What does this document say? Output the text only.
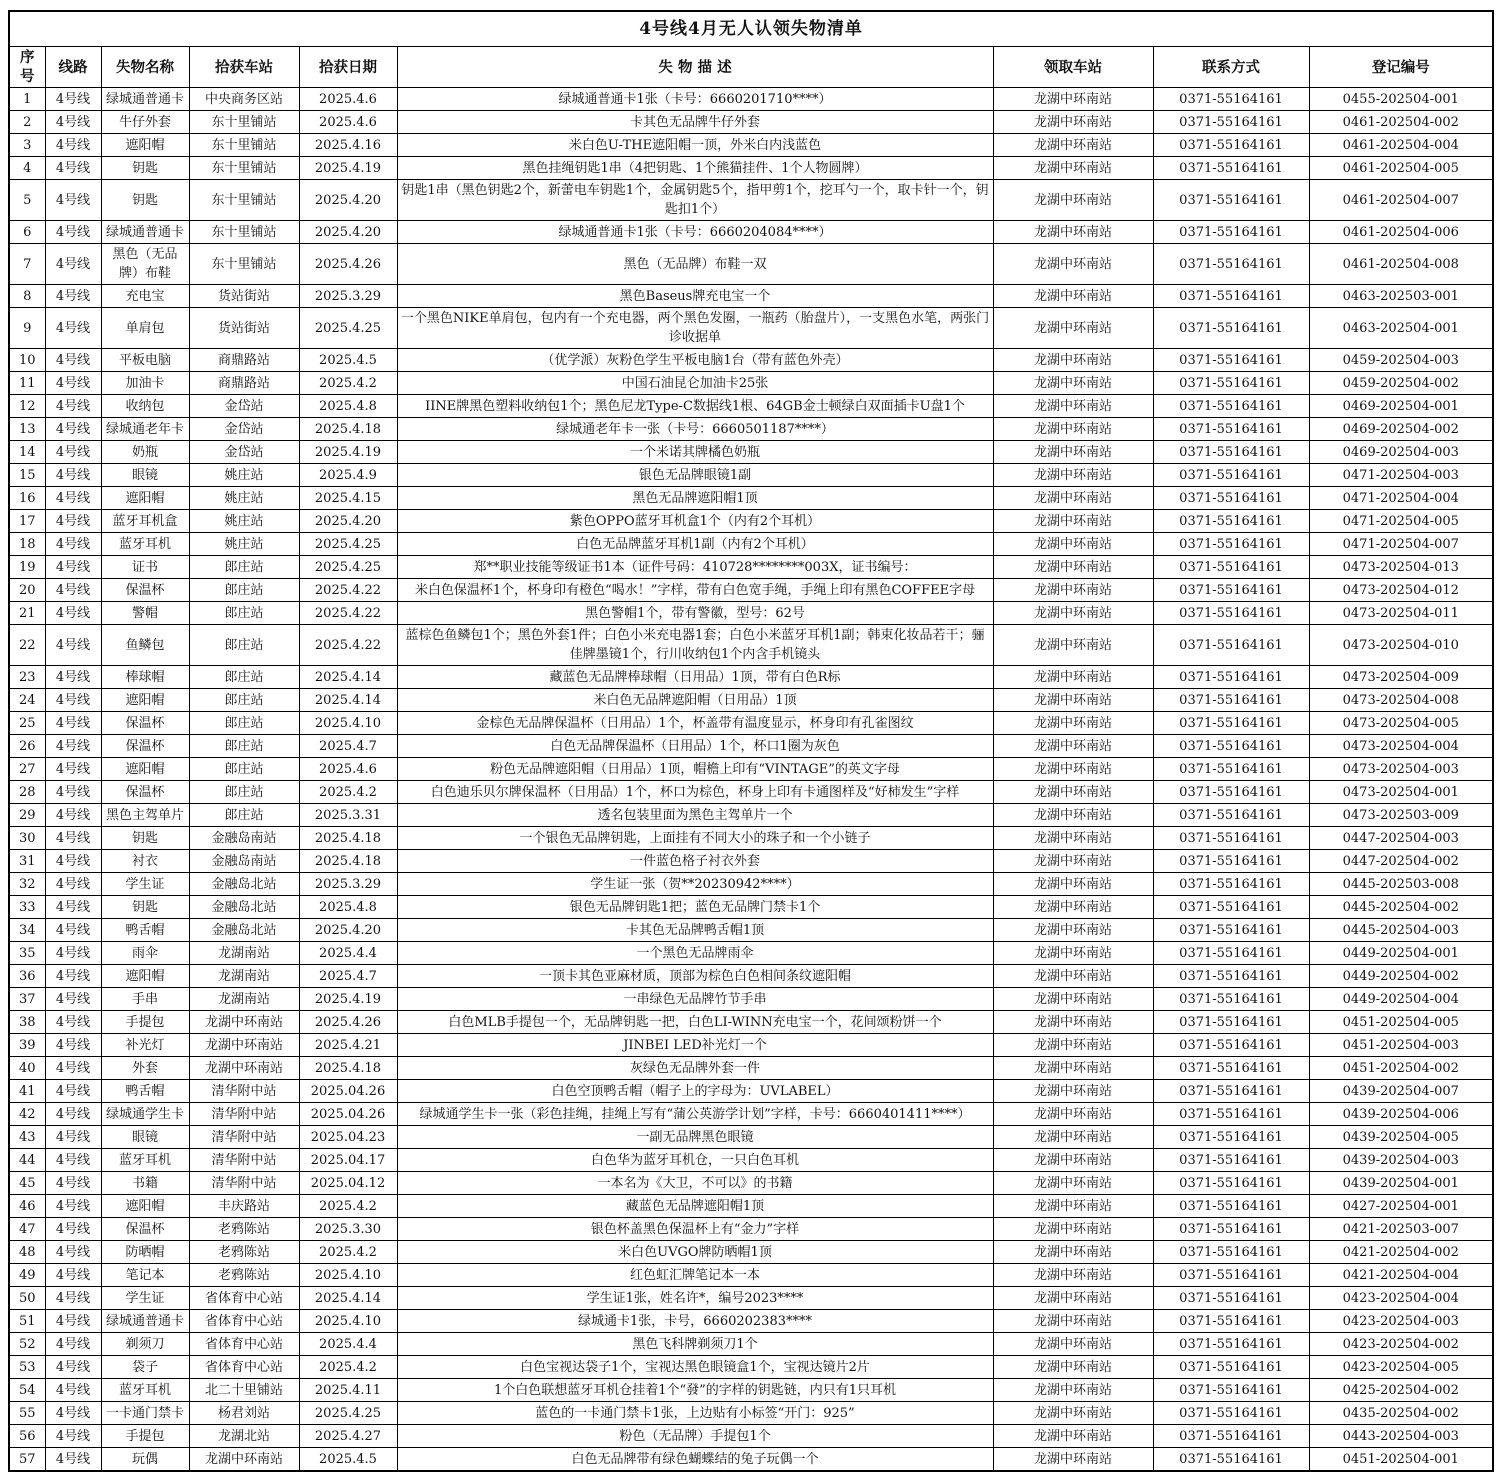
4号线4月无人认领失物清单								
序号	线路	失物名称	拾获车站	拾获日期	失 物 描 述	领取车站	联系方式	登记编号
1	4号线	绿城通普通卡	中央商务区站	2025.4.6	绿城通普通卡1张（卡号：6660201710****）	龙湖中环南站	0371-55164161	0455-202504-001
2	4号线	牛仔外套	东十里铺站	2025.4.6	卡其色无品牌牛仔外套	龙湖中环南站	0371-55164161	0461-202504-002
3	4号线	遮阳帽	东十里铺站	2025.4.16	米白色U-THE遮阳帽一顶，外米白内浅蓝色	龙湖中环南站	0371-55164161	0461-202504-004
4	4号线	钥匙	东十里铺站	2025.4.19	黑色挂绳钥匙1串（4把钥匙、1个熊猫挂件、1个人物圆牌）	龙湖中环南站	0371-55164161	0461-202504-005
5	4号线	钥匙	东十里铺站	2025.4.20	钥匙1串（黑色钥匙2个，新蕾电车钥匙1个，金属钥匙5个，指甲剪1个，挖耳勺一个，取卡针一个，钥匙扣1个）	龙湖中环南站	0371-55164161	0461-202504-007
6	4号线	绿城通普通卡	东十里铺站	2025.4.20	绿城通普通卡1张（卡号：6660204084****）	龙湖中环南站	0371-55164161	0461-202504-006
7	4号线	黑色（无品牌）布鞋	东十里铺站	2025.4.26	黑色（无品牌）布鞋一双	龙湖中环南站	0371-55164161	0461-202504-008
8	4号线	充电宝	货站街站	2025.3.29	黑色Baseus牌充电宝一个	龙湖中环南站	0371-55164161	0463-202503-001
9	4号线	单肩包	货站街站	2025.4.25	一个黑色NIKE单肩包，包内有一个充电器，两个黑色发圈，一瓶药（胎盘片），一支黑色水笔，两张门诊收据单	龙湖中环南站	0371-55164161	0463-202504-001
10	4号线	平板电脑	商鼎路站	2025.4.5	（优学派）灰粉色学生平板电脑1台（带有蓝色外壳）	龙湖中环南站	0371-55164161	0459-202504-003
11	4号线	加油卡	商鼎路站	2025.4.2	中国石油昆仑加油卡25张	龙湖中环南站	0371-55164161	0459-202504-002
12	4号线	收纳包	金岱站	2025.4.8	IINE牌黑色塑料收纳包1个；黑色尼龙Type-C数据线1根、64GB金士顿绿白双面插卡U盘1个	龙湖中环南站	0371-55164161	0469-202504-001
13	4号线	绿城通老年卡	金岱站	2025.4.18	绿城通老年卡一张（卡号：6660501187****）	龙湖中环南站	0371-55164161	0469-202504-002
14	4号线	奶瓶	金岱站	2025.4.19	一个米诺其牌橘色奶瓶	龙湖中环南站	0371-55164161	0469-202504-003
15	4号线	眼镜	姚庄站	2025.4.9	银色无品牌眼镜1副	龙湖中环南站	0371-55164161	0471-202504-003
16	4号线	遮阳帽	姚庄站	2025.4.15	黑色无品牌遮阳帽1顶	龙湖中环南站	0371-55164161	0471-202504-004
17	4号线	蓝牙耳机盒	姚庄站	2025.4.20	紫色OPPO蓝牙耳机盒1个（内有2个耳机）	龙湖中环南站	0371-55164161	0471-202504-005
18	4号线	蓝牙耳机	姚庄站	2025.4.25	白色无品牌蓝牙耳机1副（内有2个耳机）	龙湖中环南站	0371-55164161	0471-202504-007
19	4号线	证书	郎庄站	2025.4.25	郑**职业技能等级证书1本（证件号码：410728********003X，证书编号：	龙湖中环南站	0371-55164161	0473-202504-013
20	4号线	保温杯	郎庄站	2025.4.22	米白色保温杯1个，杯身印有橙色“喝水！”字样，带有白色宽手绳，手绳上印有黑色COFFEE字母	龙湖中环南站	0371-55164161	0473-202504-012
21	4号线	警帽	郎庄站	2025.4.22	黑色警帽1个，带有警徽，型号：62号	龙湖中环南站	0371-55164161	0473-202504-011
22	4号线	鱼鳞包	郎庄站	2025.4.22	蓝棕色鱼鳞包1个；黑色外套1件；白色小米充电器1套；白色小米蓝牙耳机1副；韩束化妆品若干；骊佳牌墨镜1个，行川收纳包1个内含手机镜头	龙湖中环南站	0371-55164161	0473-202504-010
23	4号线	棒球帽	郎庄站	2025.4.14	藏蓝色无品牌棒球帽（日用品）1顶，带有白色R标	龙湖中环南站	0371-55164161	0473-202504-009
24	4号线	遮阳帽	郎庄站	2025.4.14	米白色无品牌遮阳帽（日用品）1顶	龙湖中环南站	0371-55164161	0473-202504-008
25	4号线	保温杯	郎庄站	2025.4.10	金棕色无品牌保温杯（日用品）1个，杯盖带有温度显示，杯身印有孔雀图纹	龙湖中环南站	0371-55164161	0473-202504-005
26	4号线	保温杯	郎庄站	2025.4.7	白色无品牌保温杯（日用品）1个，杯口1圈为灰色	龙湖中环南站	0371-55164161	0473-202504-004
27	4号线	遮阳帽	郎庄站	2025.4.6	粉色无品牌遮阳帽（日用品）1顶，帽檐上印有“VINTAGE”的英文字母	龙湖中环南站	0371-55164161	0473-202504-003
28	4号线	保温杯	郎庄站	2025.4.2	白色迪乐贝尔牌保温杯（日用品）1个，杯口为棕色，杯身上印有卡通图样及“好柿发生”字样	龙湖中环南站	0371-55164161	0473-202504-001
29	4号线	黑色主驾单片	郎庄站	2025.3.31	透名包装里面为黑色主驾单片一个	龙湖中环南站	0371-55164161	0473-202503-009
30	4号线	钥匙	金融岛南站	2025.4.18	一个银色无品牌钥匙，上面挂有不同大小的珠子和一个小链子	龙湖中环南站	0371-55164161	0447-202504-003
31	4号线	衬衣	金融岛南站	2025.4.18	一件蓝色格子衬衣外套	龙湖中环南站	0371-55164161	0447-202504-002
32	4号线	学生证	金融岛北站	2025.3.29	学生证一张（贺**20230942****）	龙湖中环南站	0371-55164161	0445-202503-008
33	4号线	钥匙	金融岛北站	2025.4.8	银色无品牌钥匙1把；蓝色无品牌门禁卡1个	龙湖中环南站	0371-55164161	0445-202504-002
34	4号线	鸭舌帽	金融岛北站	2025.4.20	卡其色无品牌鸭舌帽1顶	龙湖中环南站	0371-55164161	0445-202504-003
35	4号线	雨伞	龙湖南站	2025.4.4	一个黑色无品牌雨伞	龙湖中环南站	0371-55164161	0449-202504-001
36	4号线	遮阳帽	龙湖南站	2025.4.7	一顶卡其色亚麻材质，顶部为棕色白色相间条纹遮阳帽	龙湖中环南站	0371-55164161	0449-202504-002
37	4号线	手串	龙湖南站	2025.4.19	一串绿色无品牌竹节手串	龙湖中环南站	0371-55164161	0449-202504-004
38	4号线	手提包	龙湖中环南站	2025.4.26	白色MLB手提包一个，无品牌钥匙一把，白色LI-WINN充电宝一个，花间颂粉饼一个	龙湖中环南站	0371-55164161	0451-202504-005
39	4号线	补光灯	龙湖中环南站	2025.4.21	JINBEI LED补光灯一个	龙湖中环南站	0371-55164161	0451-202504-003
40	4号线	外套	龙湖中环南站	2025.4.18	灰绿色无品牌外套一件	龙湖中环南站	0371-55164161	0451-202504-002
41	4号线	鸭舌帽	清华附中站	2025.04.26	白色空顶鸭舌帽（帽子上的字母为：UVLABEL）	龙湖中环南站	0371-55164161	0439-202504-007
42	4号线	绿城通学生卡	清华附中站	2025.04.26	绿城通学生卡一张（彩色挂绳，挂绳上写有“蒲公英游学计划”字样，卡号：6660401411****）	龙湖中环南站	0371-55164161	0439-202504-006
43	4号线	眼镜	清华附中站	2025.04.23	一副无品牌黑色眼镜	龙湖中环南站	0371-55164161	0439-202504-005
44	4号线	蓝牙耳机	清华附中站	2025.04.17	白色华为蓝牙耳机仓，一只白色耳机	龙湖中环南站	0371-55164161	0439-202504-003
45	4号线	书籍	清华附中站	2025.04.12	一本名为《大卫，不可以》的书籍	龙湖中环南站	0371-55164161	0439-202504-001
46	4号线	遮阳帽	丰庆路站	2025.4.2	藏蓝色无品牌遮阳帽1顶	龙湖中环南站	0371-55164161	0427-202504-001
47	4号线	保温杯	老鸦陈站	2025.3.30	银色杯盖黑色保温杯上有“金力”字样	龙湖中环南站	0371-55164161	0421-202503-007
48	4号线	防晒帽	老鸦陈站	2025.4.2	米白色UVGO牌防晒帽1顶	龙湖中环南站	0371-55164161	0421-202504-002
49	4号线	笔记本	老鸦陈站	2025.4.10	红色虹汇牌笔记本一本	龙湖中环南站	0371-55164161	0421-202504-004
50	4号线	学生证	省体育中心站	2025.4.14	学生证1张，姓名许*，编号2023****	龙湖中环南站	0371-55164161	0423-202504-004
51	4号线	绿城通普通卡	省体育中心站	2025.4.10	绿城通卡1张，卡号，6660202383****	龙湖中环南站	0371-55164161	0423-202504-003
52	4号线	剃须刀	省体育中心站	2025.4.4	黑色飞科牌剃须刀1个	龙湖中环南站	0371-55164161	0423-202504-002
53	4号线	袋子	省体育中心站	2025.4.2	白色宝视达袋子1个，宝视达黑色眼镜盒1个，宝视达镜片2片	龙湖中环南站	0371-55164161	0423-202504-005
54	4号线	蓝牙耳机	北二十里铺站	2025.4.11	1个白色联想蓝牙耳机仓挂着1个“發”的字样的钥匙链，内只有1只耳机	龙湖中环南站	0371-55164161	0425-202504-002
55	4号线	一卡通门禁卡	杨君刘站	2025.4.25	蓝色的一卡通门禁卡1张，上边贴有小标签“开门：925”	龙湖中环南站	0371-55164161	0435-202504-002
56	4号线	手提包	龙湖北站	2025.4.27	粉色（无品牌）手提包1个	龙湖中环南站	0371-55164161	0443-202504-003
57	4号线	玩偶	龙湖中环南站	2025.4.5	白色无品牌带有绿色蝴蝶结的兔子玩偶一个	龙湖中环南站	0371-55164161	0451-202504-001
